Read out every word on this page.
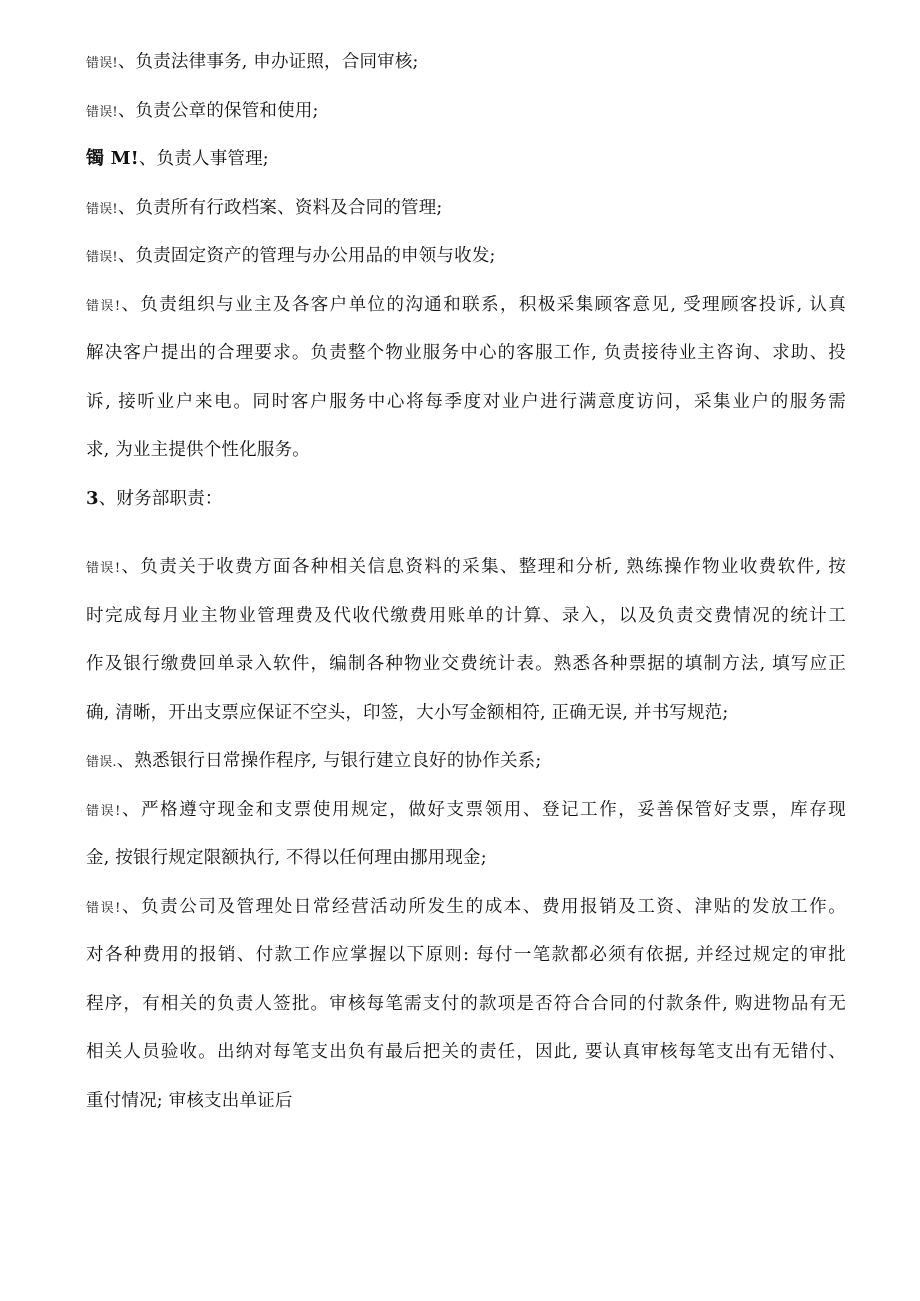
错误!、负责法律事务, 申办证照，合同审核;
错误!、负责公章的保管和使用;
镯 M!、负责人事管理;
错误!、负责所有行政档案、资料及合同的管理;
错误!、负责固定资产的管理与办公用品的申领与收发;
错误!、负责组织与业主及各客户单位的沟通和联系，积极采集顾客意见, 受理顾客投诉, 认真
解决客户提出的合理要求。负责整个物业服务中心的客服工作, 负责接待业主咨询、求助、投
诉, 接听业户来电。同时客户服务中心将每季度对业户进行满意度访问，采集业户的服务需
求, 为业主提供个性化服务。
3、财务部职责：
错误!、负责关于收费方面各种相关信息资料的采集、整理和分析, 熟练操作物业收费软件, 按
时完成每月业主物业管理费及代收代缴费用账单的计算、录入，以及负责交费情况的统计工
作及银行缴费回单录入软件，编制各种物业交费统计表。熟悉各种票据的填制方法, 填写应正
确, 清晰，开出支票应保证不空头，印签，大小写金额相符, 正确无误, 并书写规范;
错误.、熟悉银行日常操作程序, 与银行建立良好的协作关系;
错误!、严格遵守现金和支票使用规定，做好支票领用、登记工作，妥善保管好支票，库存现
金, 按银行规定限额执行, 不得以任何理由挪用现金;
错误!、负责公司及管理处日常经营活动所发生的成本、费用报销及工资、津贴的发放工作。
对各种费用的报销、付款工作应掌握以下原则: 每付一笔款都必须有依据, 并经过规定的审批
程序，有相关的负责人签批。审核每笔需支付的款项是否符合合同的付款条件, 购进物品有无
相关人员验收。出纳对每笔支出负有最后把关的责任，因此, 要认真审核每笔支出有无错付、
重付情况; 审核支出单证后
